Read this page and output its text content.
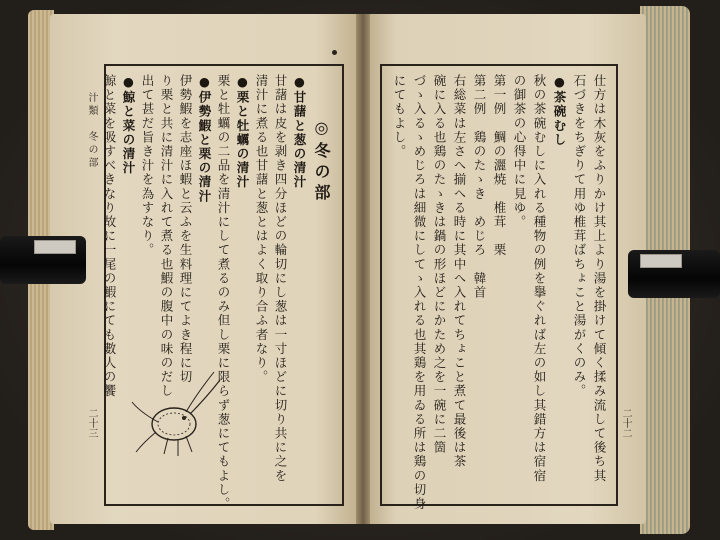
汁類　冬の部
二十三	二十二
◎冬の部
●甘藷と葱の清汁
甘藷は皮を剥き四分ほどの輪切にし葱は一寸ほどに切り共に之を
清汁に煮る也甘藷と葱とはよく取り合ふ者なり。
●栗と牡蠣の清汁
栗と牡蠣の二品を清汁にして煮るのみ但し栗に限らず葱にてもよし。
●伊勢鰕と栗の清汁
伊勢鰕を志座ほ蝦と云ふを生料理にてよき程に切
り栗と共に清汁に入れて煮る也鰕の腹中の味のだし
出て甚だ旨き汁を為すなり。
●鯨と菜の清汁
鯨と菜を吸すべきなり故に一尾の鰕にても數人の饗	仕方は木灰をふりかけ其上より湯を掛けて傾く揉み流して後ち其
石づきをちぎりて用ゆ椎茸ばちょこと湯がくのみ。
●茶碗むし
秋の茶碗むしに入れる種物の例を擧ぐれば左の如し其錯方は宿宿
の御茶の心得中に見ゆ。
第一例　鯛の灑焼　椎茸　栗
第二例　鶏のたゝき　めじろ　韓首
右総菜は左さへ揃へる時に其中へ入れてちょこと煮て最後は茶
碗に入る也鶏のたゝきは鍋の形ほどにかため之を一碗に二箇
づゝ入るゝめじろは細微にしてゝ入れる也其鶏を用ゐる所は鶏の切身
にてもよし。
